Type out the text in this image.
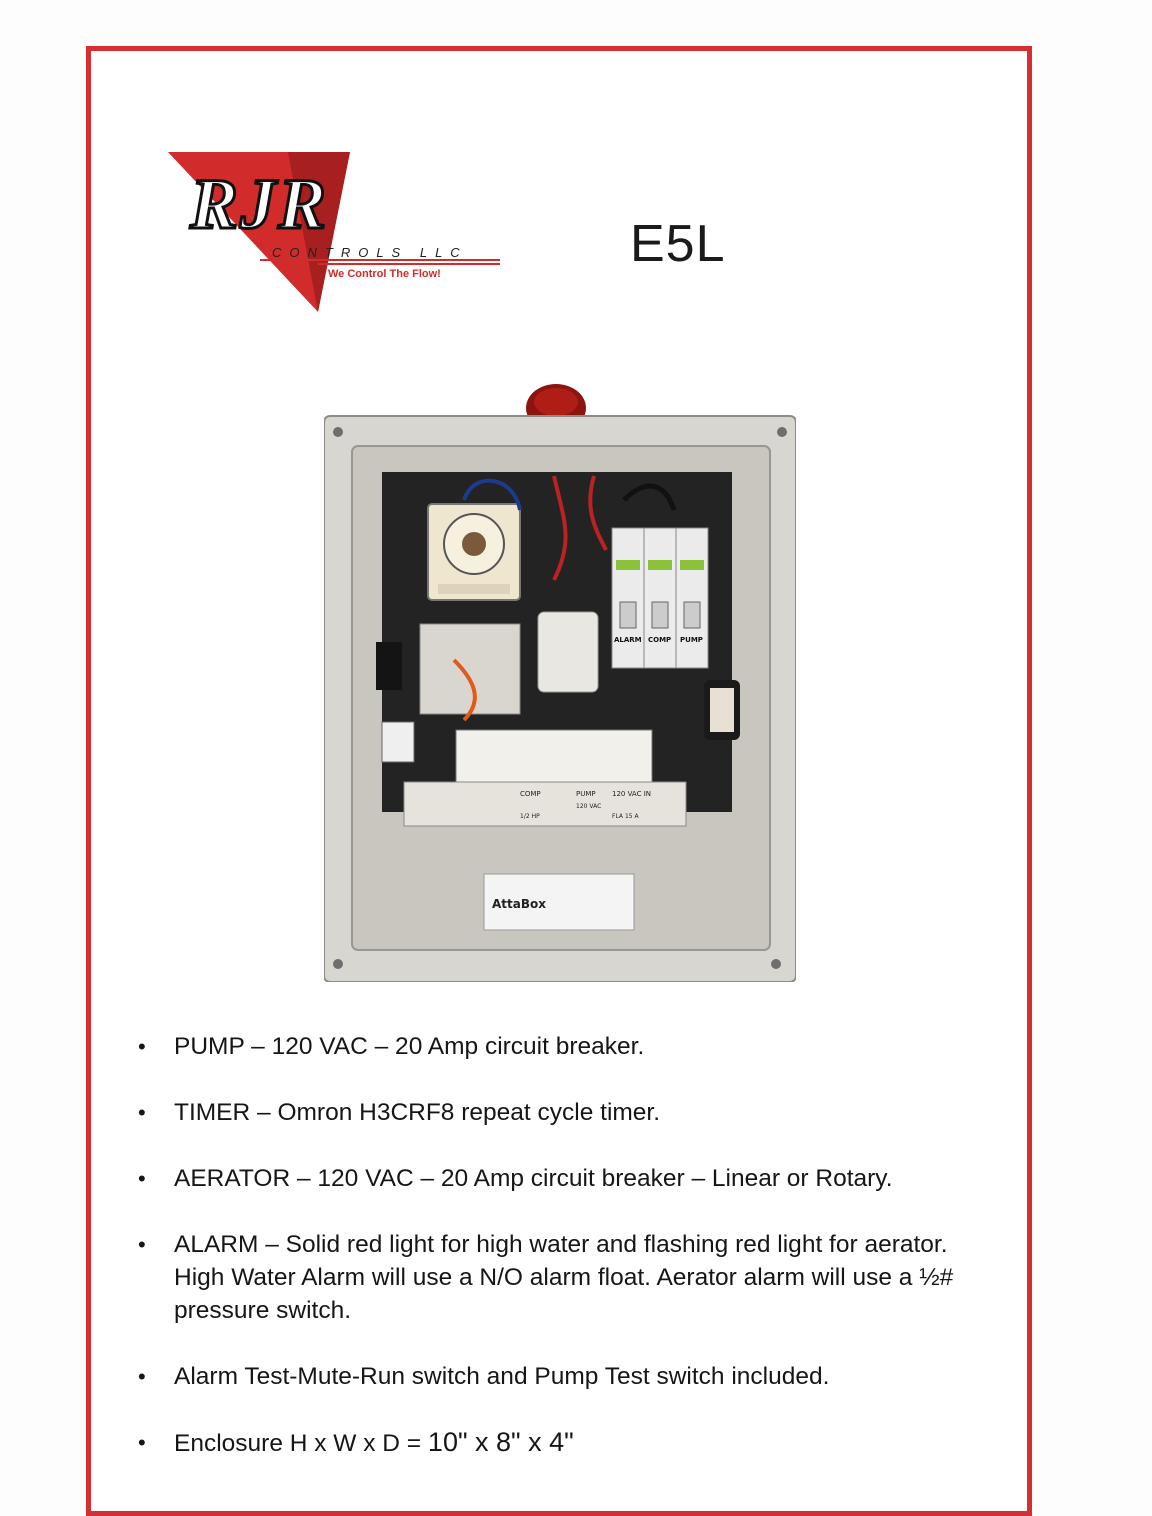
RJR
CONTROLS LLC
We Control The Flow!
E5L
ALARM COMP PUMP
COMP	PUMP 120 VAC IN
120 VAC
1/2 HP	FLA 15 A
AttaBox
• PUMP – 120 VAC – 20 Amp circuit breaker.
• TIMER – Omron H3CRF8 repeat cycle timer.
• AERATOR – 120 VAC – 20 Amp circuit breaker – Linear or Rotary.
• ALARM – Solid red light for high water and flashing red light for aerator. High Water Alarm will use a N/O alarm float. Aerator alarm will use a ½# pressure switch.
• Alarm Test-Mute-Run switch and Pump Test switch included.
• Enclosure H x W x D = 10" x 8" x 4"
